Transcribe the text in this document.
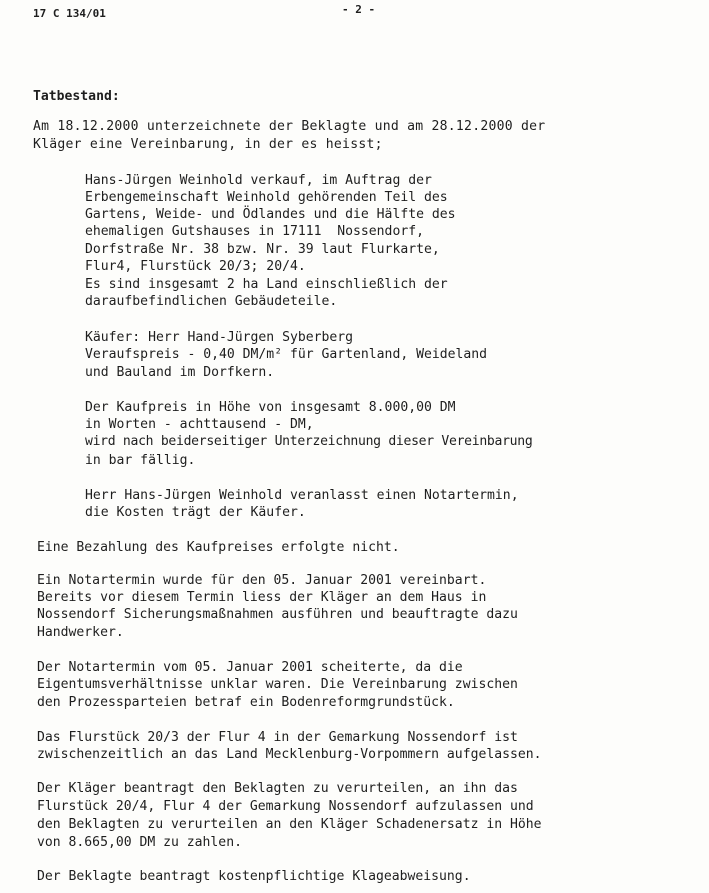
17 C 134/01	- 2 -
Tatbestand:
Am 18.12.2000 unterzeichnete der Beklagte und am 28.12.2000 der
Kläger eine Vereinbarung, in der es heisst;
Hans-Jürgen Weinhold verkauf, im Auftrag der
Erbengemeinschaft Weinhold gehörenden Teil des
Gartens, Weide- und Ödlandes und die Hälfte des
ehemaligen Gutshauses in 17111  Nossendorf,
Dorfstraße Nr. 38 bzw. Nr. 39 laut Flurkarte,
Flur4, Flurstück 20/3; 20/4.
Es sind insgesamt 2 ha Land einschließlich der
daraufbefindlichen Gebäudeteile.
Käufer: Herr Hand-Jürgen Syberberg
Veraufspreis - 0,40 DM/m² für Gartenland, Weideland
und Bauland im Dorfkern.
Der Kaufpreis in Höhe von insgesamt 8.000,00 DM
in Worten - achttausend - DM,
wird nach beiderseitiger Unterzeichnung dieser Vereinbarung
in bar fällig.
Herr Hans-Jürgen Weinhold veranlasst einen Notartermin,
die Kosten trägt der Käufer.
Eine Bezahlung des Kaufpreises erfolgte nicht.
Ein Notartermin wurde für den 05. Januar 2001 vereinbart.
Bereits vor diesem Termin liess der Kläger an dem Haus in
Nossendorf Sicherungsmaßnahmen ausführen und beauftragte dazu
Handwerker.
Der Notartermin vom 05. Januar 2001 scheiterte, da die
Eigentumsverhältnisse unklar waren. Die Vereinbarung zwischen
den Prozessparteien betraf ein Bodenreformgrundstück.
Das Flurstück 20/3 der Flur 4 in der Gemarkung Nossendorf ist
zwischenzeitlich an das Land Mecklenburg-Vorpommern aufgelassen.
Der Kläger beantragt den Beklagten zu verurteilen, an ihn das
Flurstück 20/4, Flur 4 der Gemarkung Nossendorf aufzulassen und
den Beklagten zu verurteilen an den Kläger Schadenersatz in Höhe
von 8.665,00 DM zu zahlen.
Der Beklagte beantragt kostenpflichtige Klageabweisung.
